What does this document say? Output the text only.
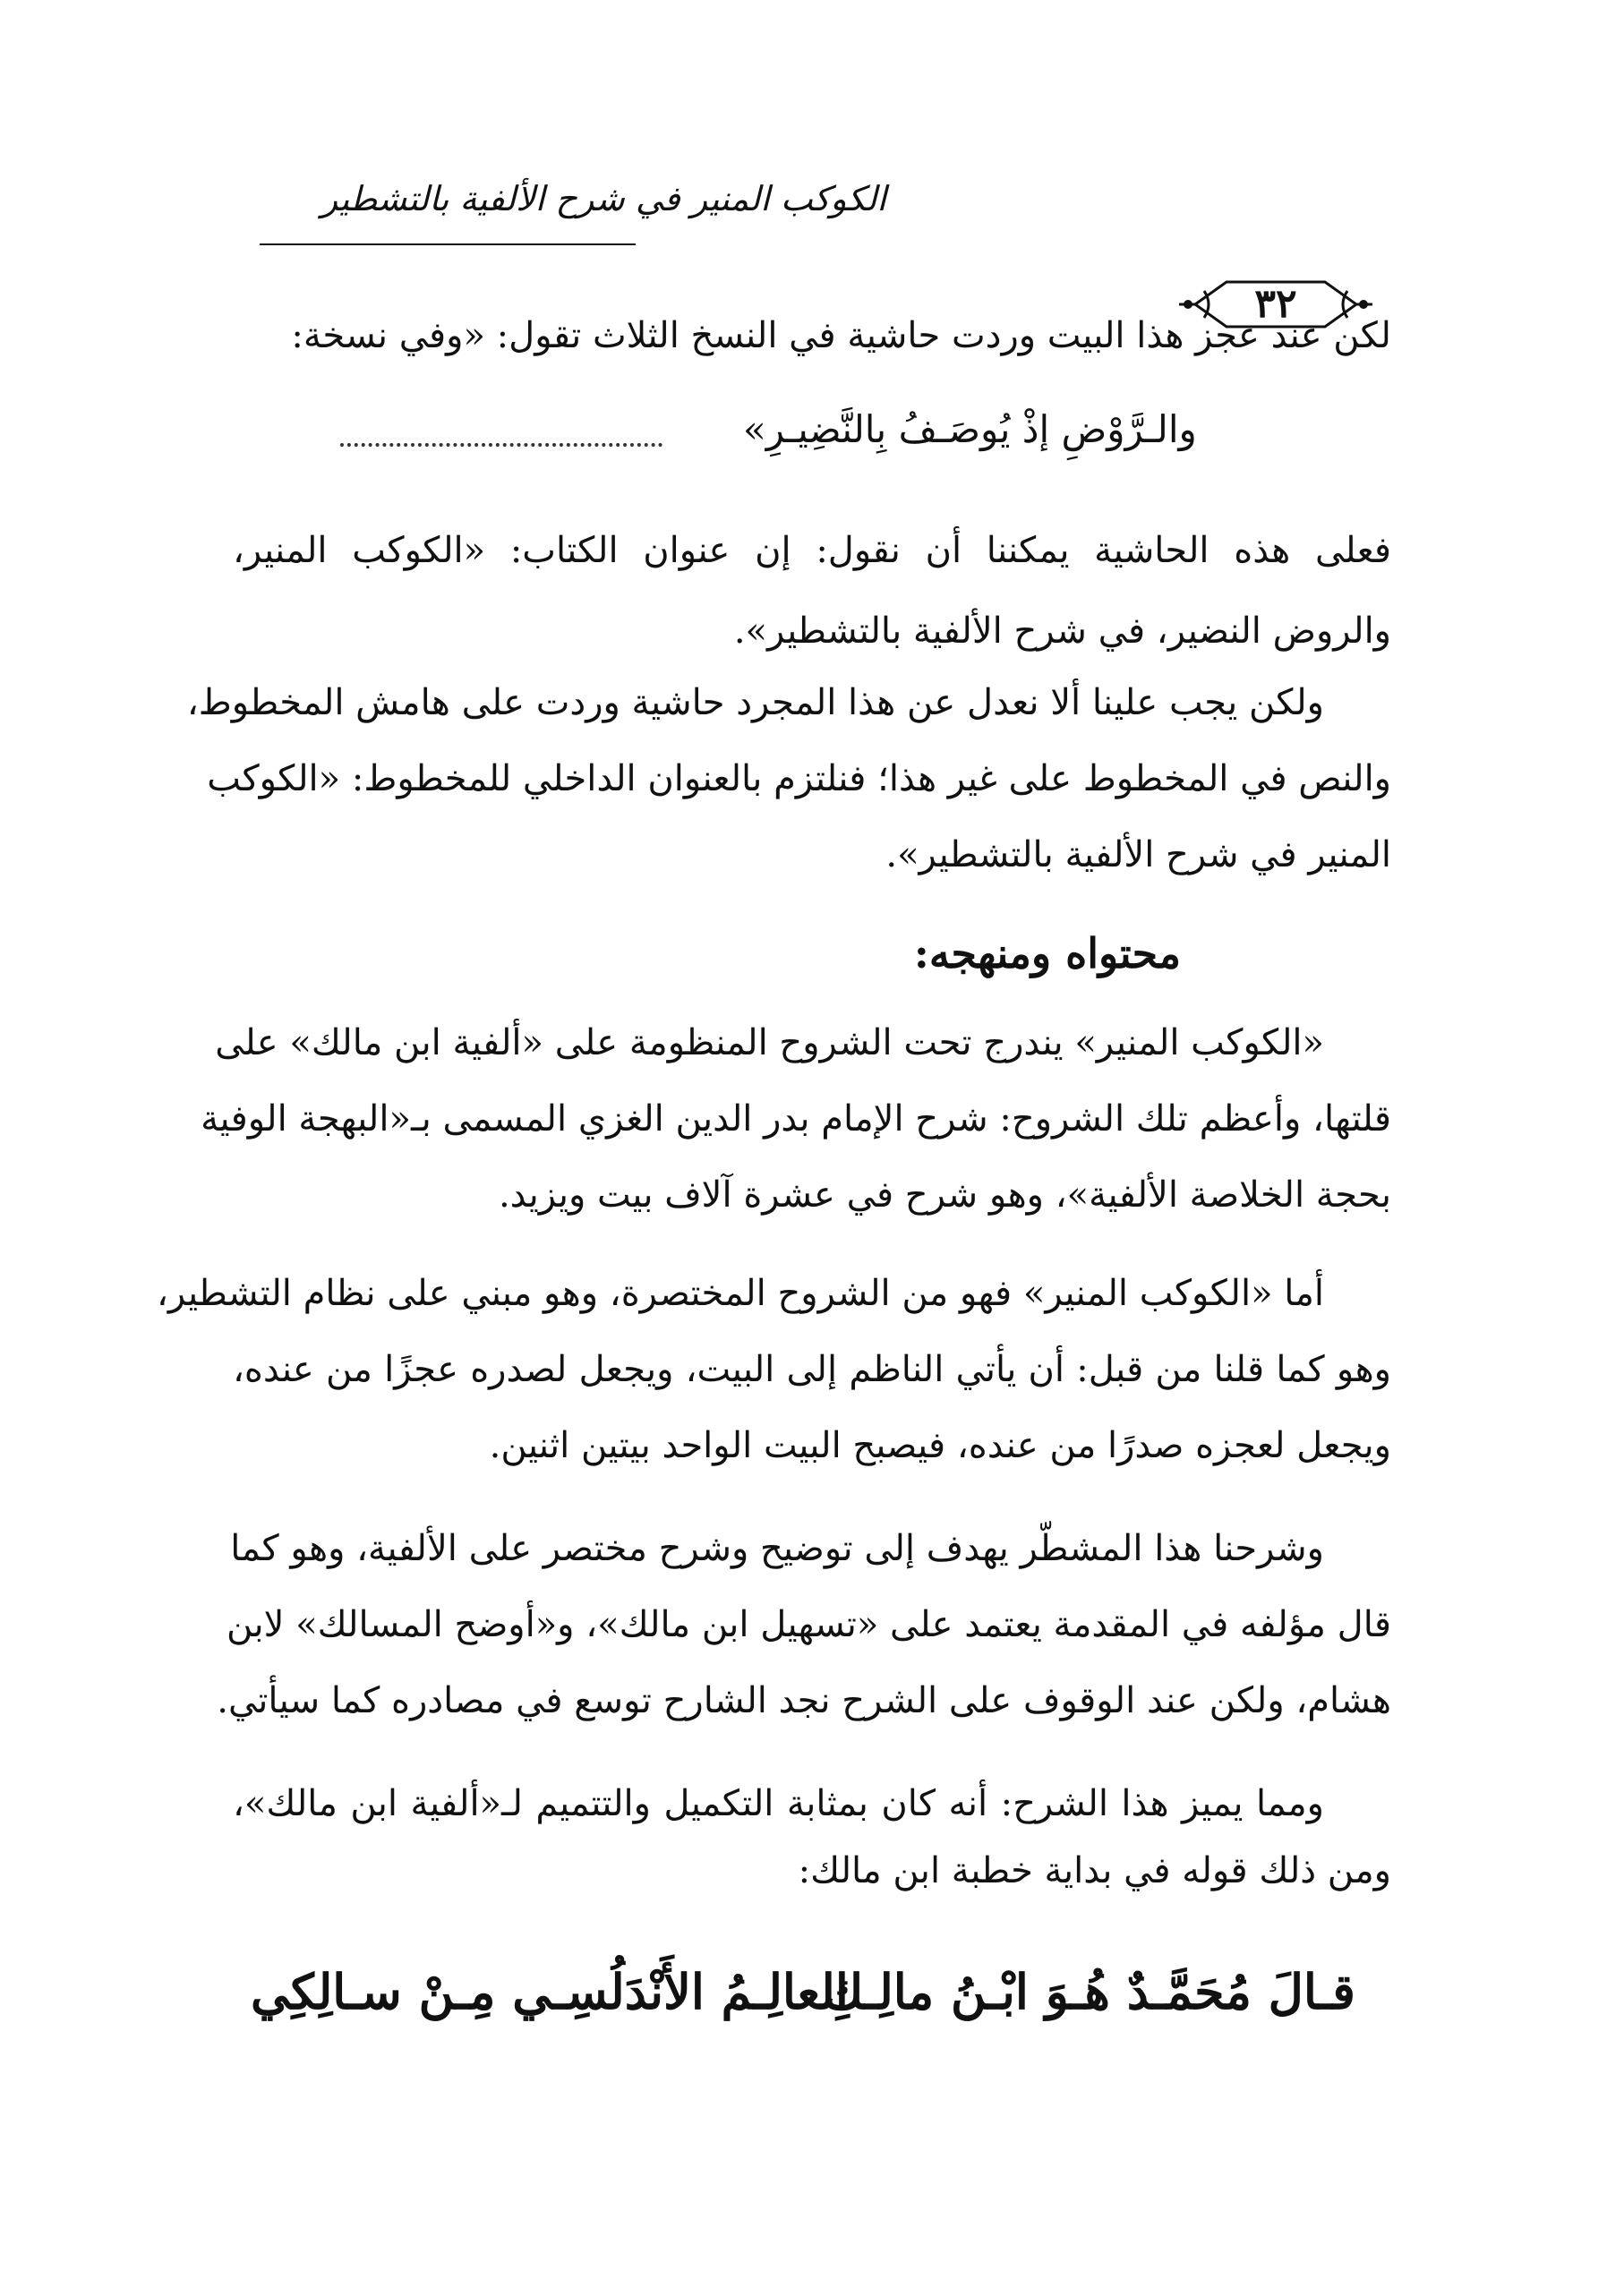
الكوكب المنير في شرح الألفية بالتشطير
٣٢
لكن عند عجز هذا البيت وردت حاشية في النسخ الثلاث تقول: «وفي نسخة:
والـرَّوْضِ إذْ يُوصَـفُ بِالنَّضِيـرِ»
فعلى هذه الحاشية يمكننا أن نقول: إن عنوان الكتاب: «الكوكب المنير،
والروض النضير، في شرح الألفية بالتشطير».
ولكن يجب علينا ألا نعدل عن هذا المجرد حاشية وردت على هامش المخطوط،
والنص في المخطوط على غير هذا؛ فنلتزم بالعنوان الداخلي للمخطوط: «الكوكب
المنير في شرح الألفية بالتشطير».
محتواه ومنهجه:
«الكوكب المنير» يندرج تحت الشروح المنظومة على «ألفية ابن مالك» على
قلتها، وأعظم تلك الشروح: شرح الإمام بدر الدين الغزي المسمى بـ«البهجة الوفية
بحجة الخلاصة الألفية»، وهو شرح في عشرة آلاف بيت ويزيد.
أما «الكوكب المنير» فهو من الشروح المختصرة، وهو مبني على نظام التشطير،
وهو كما قلنا من قبل: أن يأتي الناظم إلى البيت، ويجعل لصدره عجزًا من عنده،
ويجعل لعجزه صدرًا من عنده، فيصبح البيت الواحد بيتين اثنين.
وشرحنا هذا المشطّر يهدف إلى توضيح وشرح مختصر على الألفية، وهو كما
قال مؤلفه في المقدمة يعتمد على «تسهيل ابن مالك»، و«أوضح المسالك» لابن
هشام، ولكن عند الوقوف على الشرح نجد الشارح توسع في مصادره كما سيأتي.
ومما يميز هذا الشرح: أنه كان بمثابة التكميل والتتميم لـ«ألفية ابن مالك»،
ومن ذلك قوله في بداية خطبة ابن مالك:
قـالَ مُحَمَّـدٌ هُـوَ ابْـنُ مالِـكِ
العالِـمُ الأَنْدَلُسِـي مِـنْ سـالِكِي
